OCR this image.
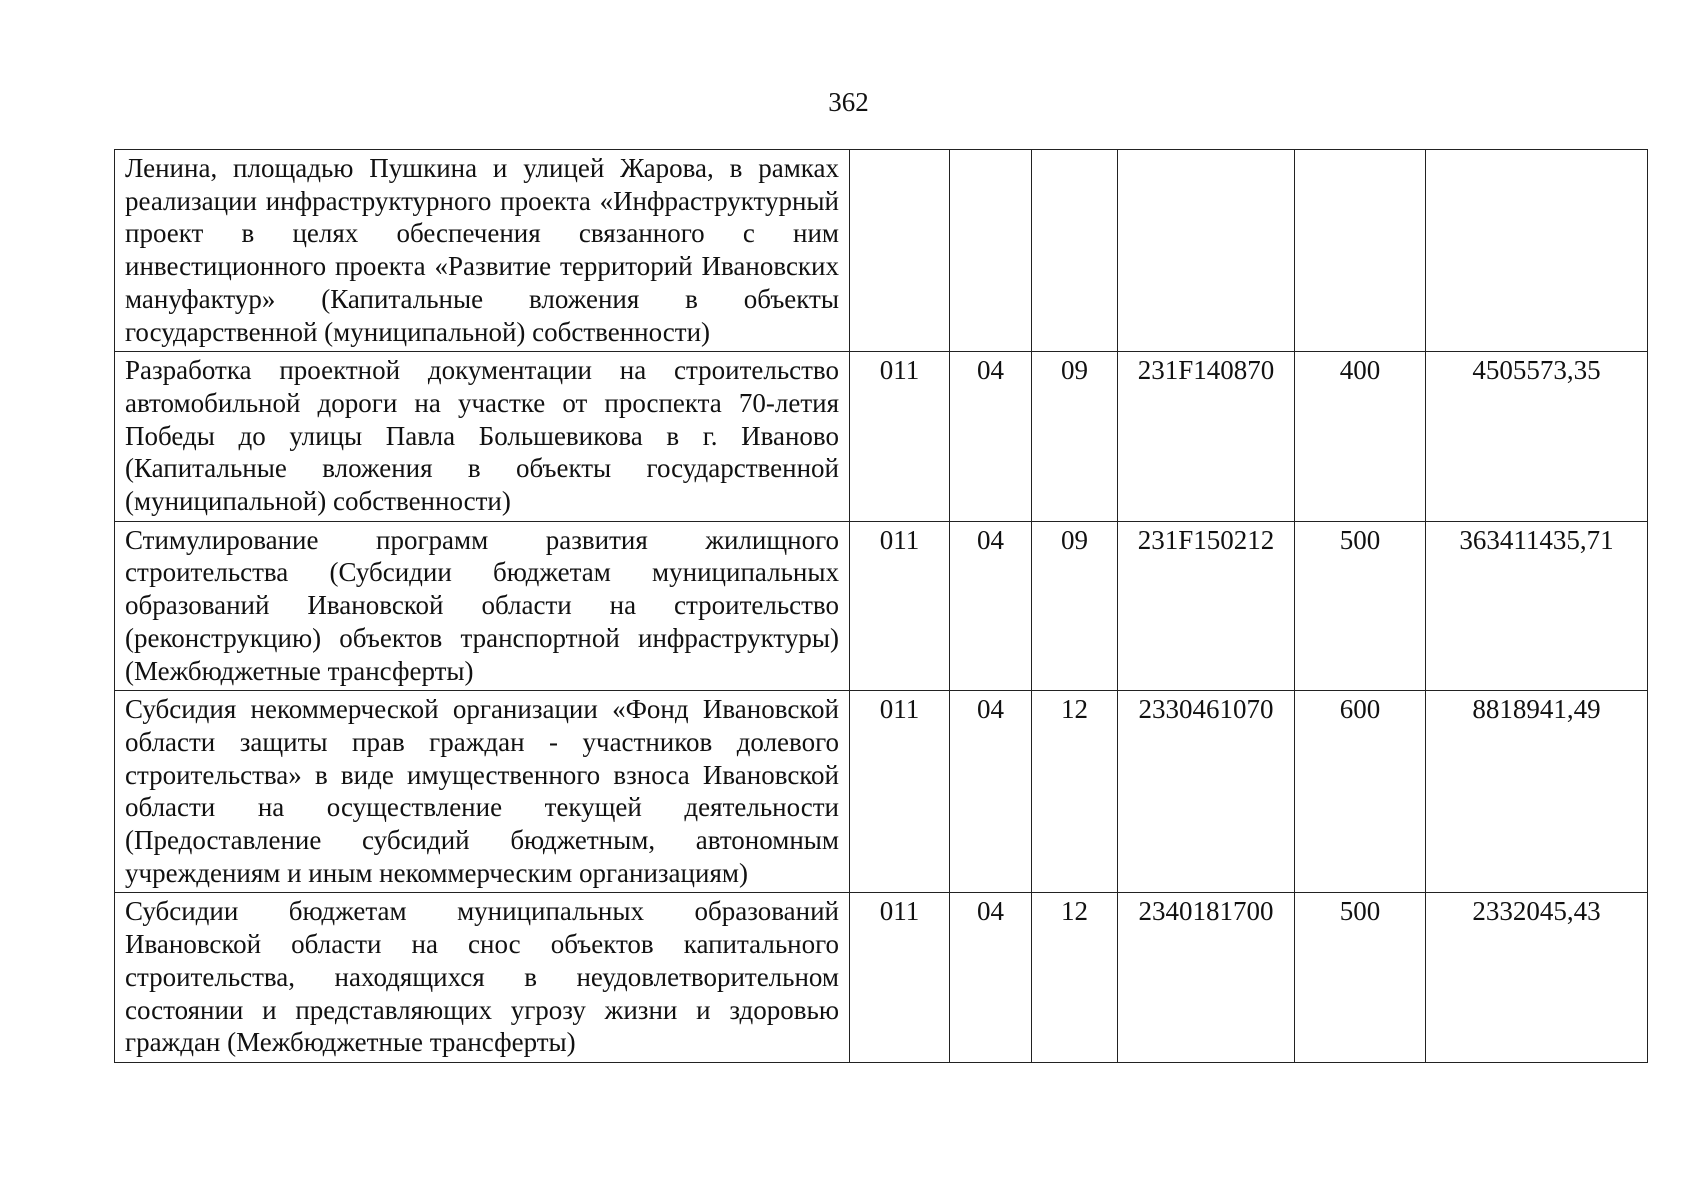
362
Ленина, площадью Пушкина и улицей Жарова, в рамках реализации инфраструктурного проекта «Инфраструктурный проект в целях обеспечения связанного с ним инвестиционного проекта «Развитие территорий Ивановских мануфактур» (Капитальные вложения в объекты государственной (муниципальной) собственности)						
Разработка проектной документации на строительство автомобильной дороги на участке от проспекта 70-летия Победы до улицы Павла Большевикова в г. Иваново (Капитальные вложения в объекты государственной (муниципальной) собственности)	011	04	09	231F140870	400	4505573,35
Стимулирование программ развития жилищного строительства (Субсидии бюджетам муниципальных образований Ивановской области на строительство (реконструкцию) объектов транспортной инфраструктуры) (Межбюджетные трансферты)	011	04	09	231F150212	500	363411435,71
Субсидия некоммерческой организации «Фонд Ивановской области защиты прав граждан - участников долевого строительства» в виде имущественного взноса Ивановской области на осуществление текущей деятельности (Предоставление субсидий бюджетным, автономным учреждениям и иным некоммерческим организациям)	011	04	12	2330461070	600	8818941,49
Субсидии бюджетам муниципальных образований Ивановской области на снос объектов капитального строительства, находящихся в неудовлетворительном состоянии и представляющих угрозу жизни и здоровью граждан (Межбюджетные трансферты)	011	04	12	2340181700	500	2332045,43
